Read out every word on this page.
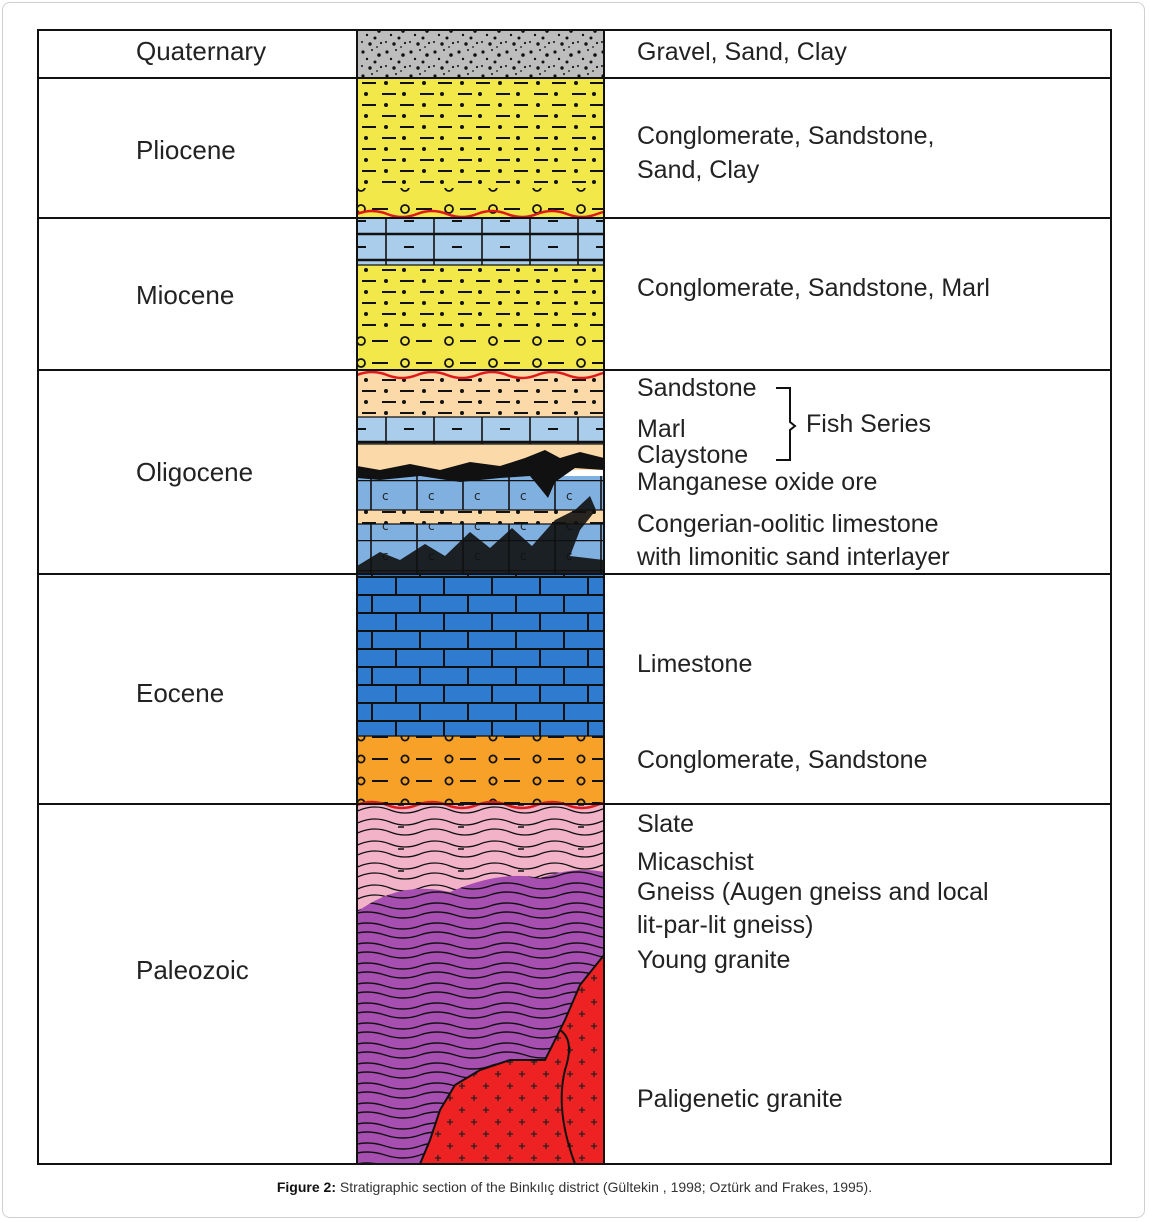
Quaternary
Pliocene
Miocene
Oligocene
Eocene
Paleozoic
Gravel, Sand, Clay
Conglomerate, Sandstone,
Sand, Clay
Conglomerate, Sandstone, Marl
Sandstone
Marl
Claystone
Manganese oxide ore
Congerian-oolitic limestone
with limonitic sand interlayer
Fish Series
Limestone
Conglomerate, Sandstone
Slate
Micaschist
Gneiss (Augen gneiss and local
lit-par-lit gneiss)
Young granite
Paligenetic granite
Figure 2: Stratigraphic section of the Binkılıç district (Gültekin , 1998; Oztürk and Frakes, 1995).
